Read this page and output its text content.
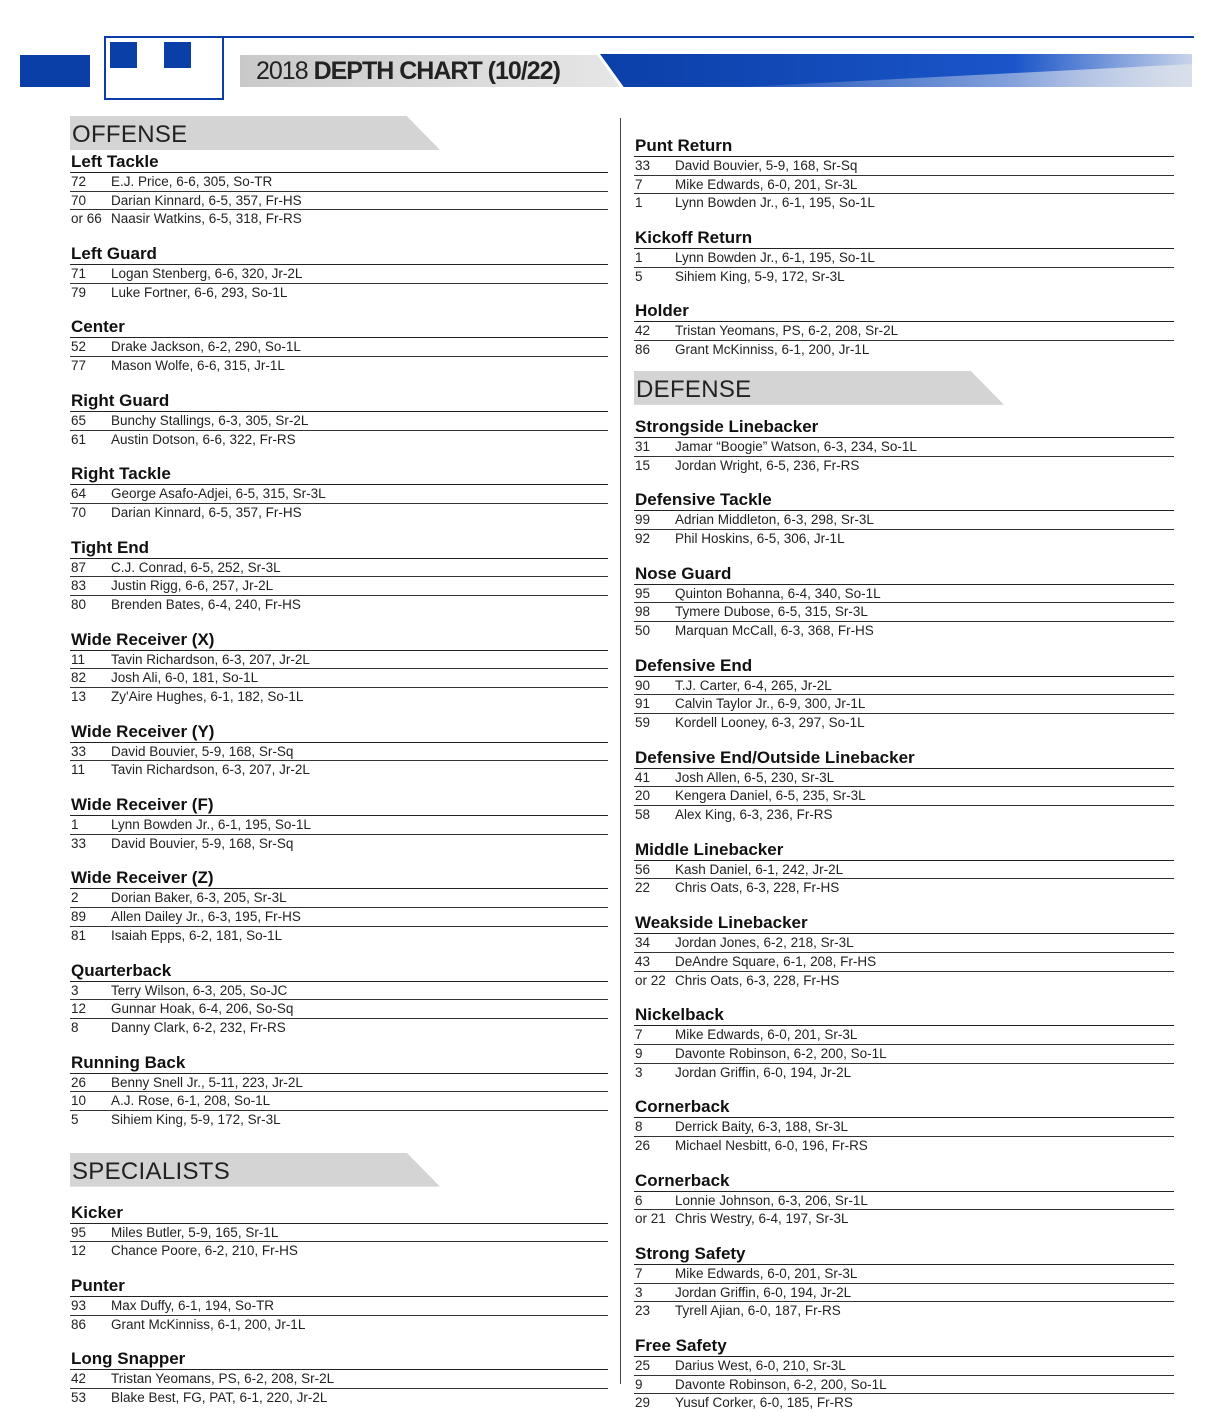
2018 DEPTH CHART (10/22)
OFFENSE
Left Tackle
72	E.J. Price, 6-6, 305, So-TR
70	Darian Kinnard, 6-5, 357, Fr-HS
or 66 Naasir Watkins, 6-5, 318, Fr-RS
Left Guard
71	Logan Stenberg, 6-6, 320, Jr-2L
79	Luke Fortner, 6-6, 293, So-1L
Center
52	Drake Jackson, 6-2, 290, So-1L
77	Mason Wolfe, 6-6, 315, Jr-1L
Right Guard
65	Bunchy Stallings, 6-3, 305, Sr-2L
61	Austin Dotson, 6-6, 322, Fr-RS
Right Tackle
64	George Asafo-Adjei, 6-5, 315, Sr-3L
70	Darian Kinnard, 6-5, 357, Fr-HS
Tight End
87	C.J. Conrad, 6-5, 252, Sr-3L
83	Justin Rigg, 6-6, 257, Jr-2L
80	Brenden Bates, 6-4, 240, Fr-HS
Wide Receiver (X)
11	Tavin Richardson, 6-3, 207, Jr-2L
82	Josh Ali, 6-0, 181, So-1L
13	Zy'Aire Hughes, 6-1, 182, So-1L
Wide Receiver (Y)
33	David Bouvier, 5-9, 168, Sr-Sq
11	Tavin Richardson, 6-3, 207, Jr-2L
Wide Receiver (F)
1	Lynn Bowden Jr., 6-1, 195, So-1L
33	David Bouvier, 5-9, 168, Sr-Sq
Wide Receiver (Z)
2	Dorian Baker, 6-3, 205, Sr-3L
89	Allen Dailey Jr., 6-3, 195, Fr-HS
81	Isaiah Epps, 6-2, 181, So-1L
Quarterback
3	Terry Wilson, 6-3, 205, So-JC
12	Gunnar Hoak, 6-4, 206, So-Sq
8	Danny Clark, 6-2, 232, Fr-RS
Running Back
26	Benny Snell Jr., 5-11, 223, Jr-2L
10	A.J. Rose, 6-1, 208, So-1L
5	Sihiem King, 5-9, 172, Sr-3L
SPECIALISTS
Kicker
95	Miles Butler, 5-9, 165, Sr-1L
12	Chance Poore, 6-2, 210, Fr-HS
Punter
93	Max Duffy, 6-1, 194, So-TR
86	Grant McKinniss, 6-1, 200, Jr-1L
Long Snapper
42	Tristan Yeomans, PS, 6-2, 208, Sr-2L
53	Blake Best, FG, PAT, 6-1, 220, Jr-2L
Punt Return
33	David Bouvier, 5-9, 168, Sr-Sq
7	Mike Edwards, 6-0, 201, Sr-3L
1	Lynn Bowden Jr., 6-1, 195, So-1L
Kickoff Return
1	Lynn Bowden Jr., 6-1, 195, So-1L
5	Sihiem King, 5-9, 172, Sr-3L
Holder
42	Tristan Yeomans, PS, 6-2, 208, Sr-2L
86	Grant McKinniss, 6-1, 200, Jr-1L
DEFENSE
Strongside Linebacker
31	Jamar “Boogie” Watson, 6-3, 234, So-1L
15	Jordan Wright, 6-5, 236, Fr-RS
Defensive Tackle
99	Adrian Middleton, 6-3, 298, Sr-3L
92	Phil Hoskins, 6-5, 306, Jr-1L
Nose Guard
95	Quinton Bohanna, 6-4, 340, So-1L
98	Tymere Dubose, 6-5, 315, Sr-3L
50	Marquan McCall, 6-3, 368, Fr-HS
Defensive End
90	T.J. Carter, 6-4, 265, Jr-2L
91	Calvin Taylor Jr., 6-9, 300, Jr-1L
59	Kordell Looney, 6-3, 297, So-1L
Defensive End/Outside Linebacker
41	Josh Allen, 6-5, 230, Sr-3L
20	Kengera Daniel, 6-5, 235, Sr-3L
58	Alex King, 6-3, 236, Fr-RS
Middle Linebacker
56	Kash Daniel, 6-1, 242, Jr-2L
22	Chris Oats, 6-3, 228, Fr-HS
Weakside Linebacker
34	Jordan Jones, 6-2, 218, Sr-3L
43	DeAndre Square, 6-1, 208, Fr-HS
or 22 Chris Oats, 6-3, 228, Fr-HS
Nickelback
7	Mike Edwards, 6-0, 201, Sr-3L
9	Davonte Robinson, 6-2, 200, So-1L
3	Jordan Griffin, 6-0, 194, Jr-2L
Cornerback
8	Derrick Baity, 6-3, 188, Sr-3L
26	Michael Nesbitt, 6-0, 196, Fr-RS
Cornerback
6	Lonnie Johnson, 6-3, 206, Sr-1L
or 21 Chris Westry, 6-4, 197, Sr-3L
Strong Safety
7	Mike Edwards, 6-0, 201, Sr-3L
3	Jordan Griffin, 6-0, 194, Jr-2L
23	Tyrell Ajian, 6-0, 187, Fr-RS
Free Safety
25	Darius West, 6-0, 210, Sr-3L
9	Davonte Robinson, 6-2, 200, So-1L
29	Yusuf Corker, 6-0, 185, Fr-RS
